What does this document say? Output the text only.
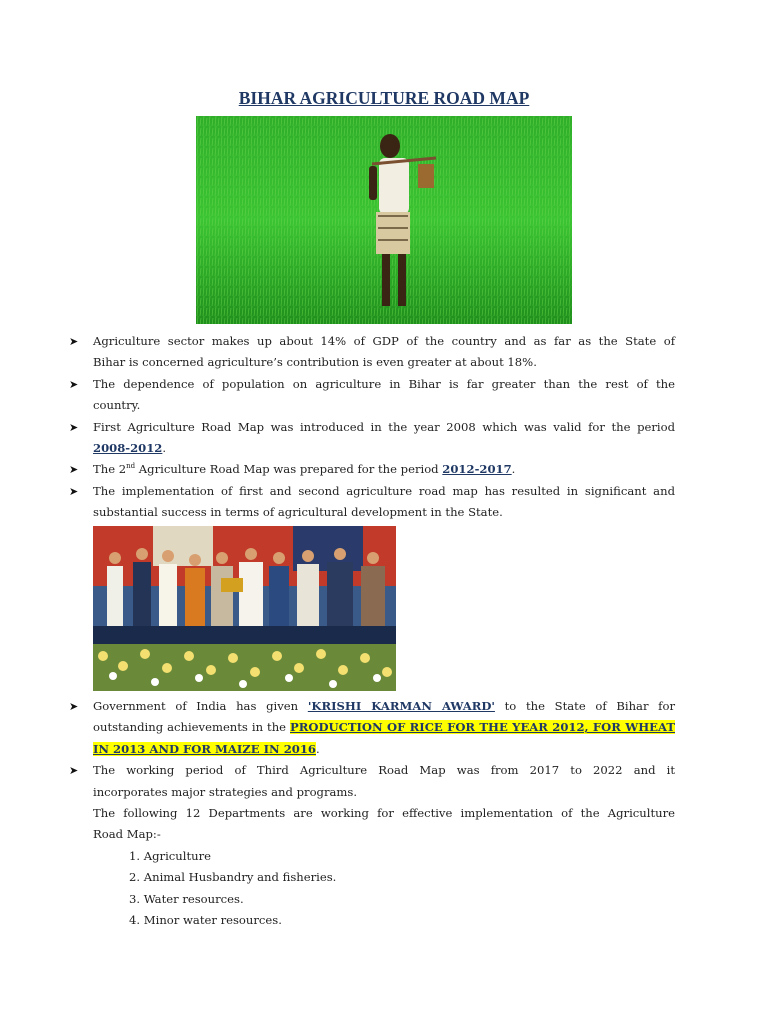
BIHAR AGRICULTURE ROAD MAP
➤ Agriculture sector makes up about 14% of GDP of the country and as far as the State of
Bihar is concerned agriculture’s contribution is even greater at about 18%.
➤ The dependence of population on agriculture in Bihar is far greater than the rest of the
country.
➤ First Agriculture Road Map was introduced in the year 2008 which was valid for the period
2008-2012.
➤ The 2nd Agriculture Road Map was prepared for the period 2012-2017.
➤ The implementation of first and second agriculture road map has resulted in significant and
substantial success in terms of agricultural development in the State.
➤ Government of India has given 'KRISHI KARMAN AWARD' to the State of Bihar for
outstanding achievements in the PRODUCTION OF RICE FOR THE YEAR 2012, FOR WHEAT
IN 2013 AND FOR MAIZE IN 2016.
➤ The working period of Third Agriculture Road Map was from 2017 to 2022 and it
incorporates major strategies and programs.
The following 12 Departments are working for effective implementation of the Agriculture
Road Map:-
1. Agriculture
2. Animal Husbandry and fisheries.
3. Water resources.
4. Minor water resources.
